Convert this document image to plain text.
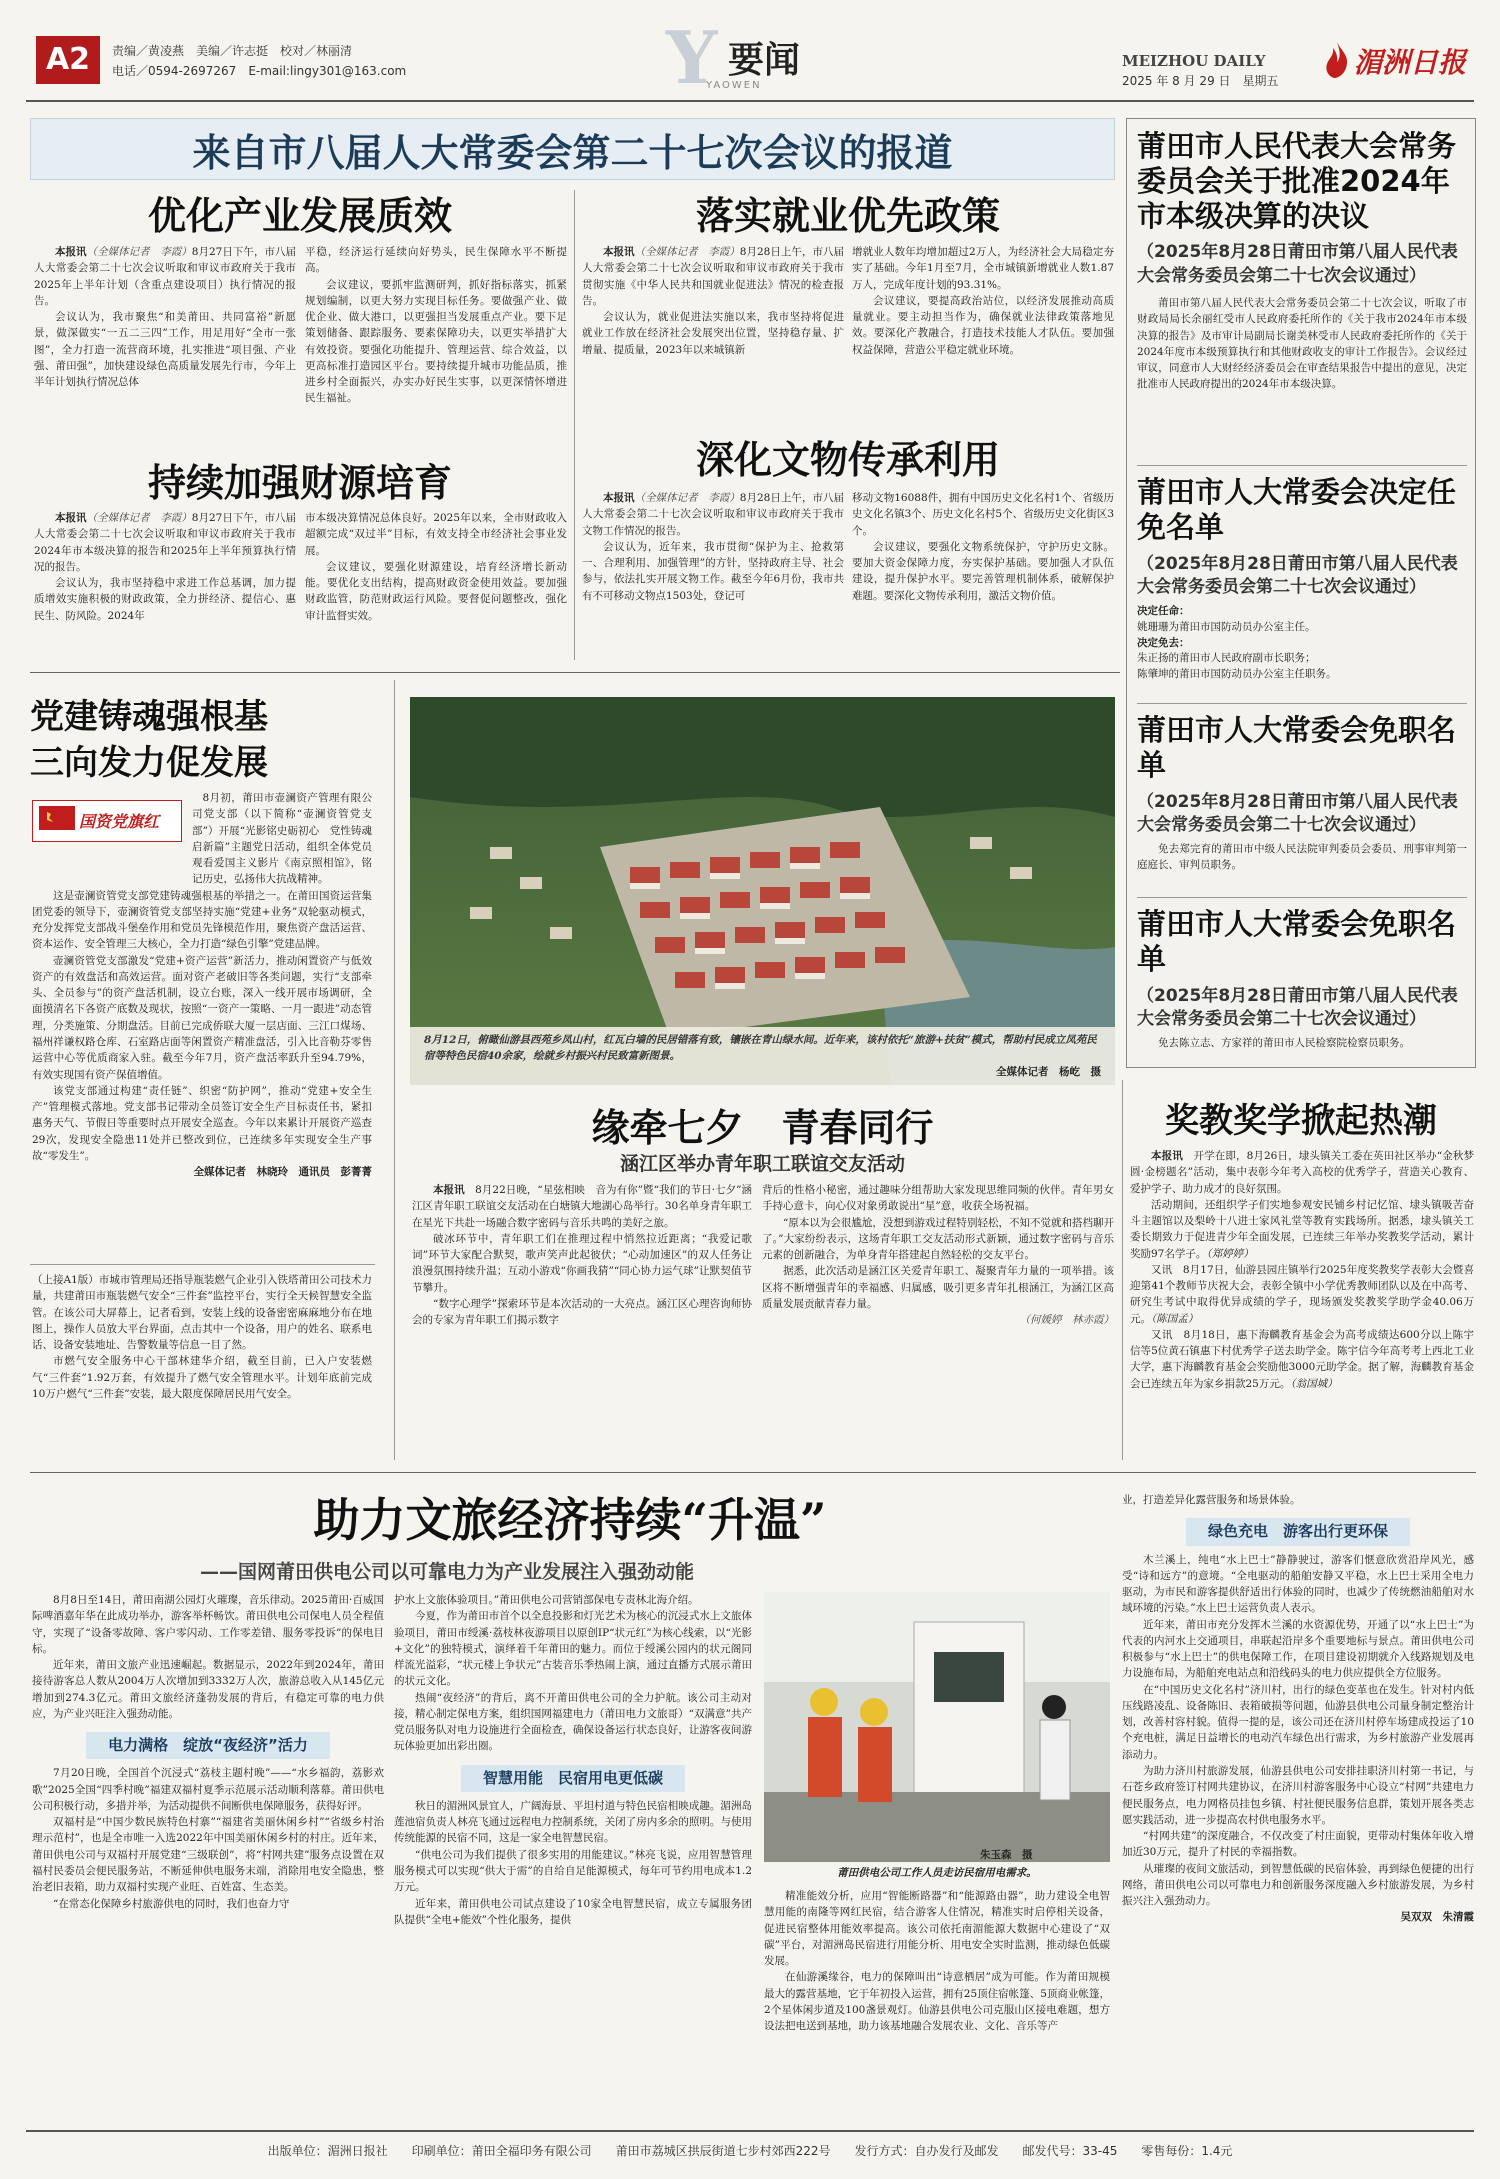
A2	责编／黄凌燕　美编／许志挺　校对／林丽清
电话／0594-2697267　E-mail:lingy301@163.com	Y
YAOWEN
要闻	MEIZHOU DAILY
2025 年 8 月 29 日　星期五
湄洲日报
来自市八届人大常委会第二十七次会议的报道
优化产业发展质效

本报讯（全媒体记者　李霞）8月27日下午，市八届人大常委会第二十七次会议听取和审议市政府关于我市2025年上半年计划（含重点建设项目）执行情况的报告。

会议认为，我市聚焦“和美莆田、共同富裕”新愿景，做深做实“一五二三四”工作，用足用好“全市一张图”，全力打造一流营商环境，扎实推进“项目强、产业强、莆田强”，加快建设绿色高质量发展先行市，今年上半年计划执行情况总体

平稳，经济运行延续向好势头，民生保障水平不断提高。

会议建议，要抓牢监测研判，抓好指标落实，抓紧规划编制，以更大努力实现目标任务。要做强产业、做优企业、做大港口，以更强担当发展重点产业。要下足策划储备、跟踪服务、要素保障功夫，以更实举措扩大有效投资。要强化功能提升、管理运营、综合效益，以更高标准打造园区平台。要持续提升城市功能品质，推进乡村全面振兴，办实办好民生实事，以更深情怀增进民生福祉。

落实就业优先政策

本报讯（全媒体记者　李霞）8月28日上午，市八届人大常委会第二十七次会议听取和审议市政府关于我市贯彻实施《中华人民共和国就业促进法》情况的检查报告。

会议认为，就业促进法实施以来，我市坚持将促进就业工作放在经济社会发展突出位置，坚持稳存量、扩增量、提质量，2023年以来城镇新

增就业人数年均增加超过2万人，为经济社会大局稳定夯实了基础。今年1月至7月，全市城镇新增就业人数1.87万人，完成年度计划的93.31%。

会议建议，要提高政治站位，以经济发展推动高质量就业。要主动担当作为，确保就业法律政策落地见效。要深化产教融合，打造技术技能人才队伍。要加强权益保障，营造公平稳定就业环境。

持续加强财源培育

本报讯（全媒体记者　李霞）8月27日下午，市八届人大常委会第二十七次会议听取和审议市政府关于我市2024年市本级决算的报告和2025年上半年预算执行情况的报告。

会议认为，我市坚持稳中求进工作总基调，加力提质增效实施积极的财政政策，全力拼经济、提信心、惠民生、防风险。2024年

市本级决算情况总体良好。2025年以来，全市财政收入超额完成“双过半”目标，有效支持全市经济社会事业发展。

会议建议，要强化财源建设，培育经济增长新动能。要优化支出结构，提高财政资金使用效益。要加强财政监管，防范财政运行风险。要督促问题整改，强化审计监督实效。

深化文物传承利用

本报讯（全媒体记者　李霞）8月28日上午，市八届人大常委会第二十七次会议听取和审议市政府关于我市文物工作情况的报告。

会议认为，近年来，我市贯彻“保护为主、抢救第一、合理利用、加强管理”的方针，坚持政府主导、社会参与，依法扎实开展文物工作。截至今年6月份，我市共有不可移动文物点1503处，登记可

移动文物16088件，拥有中国历史文化名村1个、省级历史文化名镇3个、历史文化名村5个、省级历史文化街区3个。

会议建议，要强化文物系统保护，守护历史文脉。要加大资金保障力度，夯实保护基础。要加强人才队伍建设，提升保护水平。要完善管理机制体系，破解保护难题。要深化文物传承利用，激活文物价值。

莆田市人民代表大会常务委员会关于批准2024年市本级决算的决议
（2025年8月28日莆田市第八届人民代表大会常务委员会第二十七次会议通过）

莆田市第八届人民代表大会常务委员会第二十七次会议，听取了市财政局局长余丽红受市人民政府委托所作的《关于我市2024年市本级决算的报告》及市审计局副局长谢美林受市人民政府委托所作的《关于2024年度市本级预算执行和其他财政收支的审计工作报告》。会议经过审议，同意市人大财经经济委员会在审查结果报告中提出的意见，决定批准市人民政府提出的2024年市本级决算。

莆田市人大常委会决定任免名单
（2025年8月28日莆田市第八届人民代表大会常务委员会第二十七次会议通过）
决定任命：
姚珊珊为莆田市国防动员办公室主任。
决定免去：
朱正扬的莆田市人民政府副市长职务；
陈肇坤的莆田市国防动员办公室主任职务。
莆田市人大常委会免职名单
（2025年8月28日莆田市第八届人民代表大会常务委员会第二十七次会议通过）

免去郑完育的莆田市中级人民法院审判委员会委员、刑事审判第一庭庭长、审判员职务。

莆田市人大常委会免职名单
（2025年8月28日莆田市第八届人民代表大会常务委员会第二十七次会议通过）

免去陈立志、方家祥的莆田市人民检察院检察员职务。

党建铸魂强根基
三向发力促发展
国资党旗红

8月初，莆田市壶澜资产管理有限公司党支部（以下简称“壶澜资管党支部”）开展“光影铭史砺初心　党性铸魂启新篇”主题党日活动，组织全体党员观看爱国主义影片《南京照相馆》，铭记历史，弘扬伟大抗战精神。

这是壶澜资管党支部党建铸魂强根基的举措之一。在莆田国资运营集团党委的领导下，壶澜资管党支部坚持实施“党建+业务”双轮驱动模式，充分发挥党支部战斗堡垒作用和党员先锋模范作用，聚焦资产盘活运营、资本运作、安全管理三大核心，全力打造“绿色引擎”党建品牌。

壶澜资管党支部激发“党建+资产运营”新活力，推动闲置资产与低效资产的有效盘活和高效运营。面对资产老破旧等各类问题，实行“支部牵头、全员参与”的资产盘活机制，设立台账，深入一线开展市场调研，全面摸清名下各资产底数及现状，按照“一资产一策略、一月一跟进”动态管理，分类施策、分期盘活。目前已完成侨联大厦一层店面、三江口煤场、福州祥谦权路仓库、石室路店面等闲置资产精准盘活，引入比音勒芬零售运营中心等优质商家入驻。截至今年7月，资产盘活率跃升至94.79%，有效实现国有资产保值增值。

该党支部通过构建“责任链”、织密“防护网”，推动“党建+安全生产”管理模式落地。党支部书记带动全员签订安全生产目标责任书，紧扣惠务天气、节假日等重要时点开展安全巡查。今年以来累计开展资产巡查29次，发现安全隐患11处并已整改到位，已连续多年实现安全生产事故“零发生”。

全媒体记者　林晓玲　通讯员　彭菁菁

（上接A1版）市城市管理局还指导瓶装燃气企业引入铁塔莆田公司技术力量，共建莆田市瓶装燃气安全“三件套”监控平台，实行全天候智慧安全监管。在该公司大屏幕上，记者看到，安装上线的设备密密麻麻地分布在地图上，操作人员放大平台界面，点击其中一个设备，用户的姓名、联系电话、设备安装地址、告警数量等信息一目了然。

市燃气安全服务中心干部林建华介绍，截至目前，已入户安装燃气“三件套”1.92万套，有效提升了燃气安全管理水平。计划年底前完成10万户燃气“三件套”安装，最大限度保障居民用气安全。

8月12日，俯瞰仙游县西苑乡凤山村，红瓦白墙的民居错落有致，镶嵌在青山绿水间。近年来，该村依托“旅游+扶贫”模式，帮助村民成立凤苑民宿等特色民宿40余家，绘就乡村振兴村民致富新图景。
全媒体记者　杨屹　摄
缘牵七夕　青春同行
涵江区举办青年职工联谊交友活动

本报讯　 8月22日晚，“星弦相映　音为有你”暨“我们的节日·七夕”涵江区青年职工联谊交友活动在白塘镇大地湖心岛举行。30名单身青年职工在星光下共赴一场融合数字密码与音乐共鸣的美好之旅。

破冰环节中，青年职工们在推理过程中悄然拉近距离；“我爱记歌词”环节大家配合默契，歌声笑声此起彼伏；“心动加速区”的双人任务让浪漫氛围持续升温；互动小游戏“你画我猜”“同心协力运气球”让默契值节节攀升。

“数字心理学”探索环节是本次活动的一大亮点。涵江区心理咨询师协会的专家为青年职工们揭示数字

背后的性格小秘密，通过趣味分组帮助大家发现思维同频的伙伴。青年男女手持心意卡，向心仪对象勇敢说出“星”意，收获全场祝福。

“原本以为会很尴尬，没想到游戏过程特别轻松，不知不觉就和搭档聊开了。”大家纷纷表示，这场青年职工交友活动形式新颖，通过数字密码与音乐元素的创新融合，为单身青年搭建起自然轻松的交友平台。

据悉，此次活动是涵江区关爱青年职工、凝聚青年力量的一项举措。该区将不断增强青年的幸福感、归属感，吸引更多青年扎根涵江，为涵江区高质量发展贡献青春力量。

（何媛婷　林赤霞）
奖教奖学掀起热潮

本报讯　 开学在即，8月26日，埭头镇关工委在英田社区举办“金秋梦圆·金榜题名”活动，集中表彰今年考入高校的优秀学子，营造关心教育、爱护学子、助力成才的良好氛围。

活动期间，还组织学子们实地参观安民铺乡村记忆馆、埭头镇吸苦奋斗主题馆以及梨岭十八进士家风礼堂等教育实践场所。据悉，埭头镇关工委长期致力于促进青少年全面发展，已连续三年举办奖教奖学活动，累计奖励97名学子。（郑婷婷）

又讯　8月17日，仙游县园庄镇举行2025年度奖教奖学表彰大会暨喜迎第41个教师节庆祝大会，表彰全镇中小学优秀教师团队以及在中高考、研究生考试中取得优异成绩的学子，现场颁发奖教奖学助学金40.06万元。（陈国孟）

又讯　8月18日，惠下海麟教育基金会为高考成绩达600分以上陈宇信等5位黄石镇惠下村优秀学子送去助学金。陈宇信今年高考考上西北工业大学，惠下海麟教育基金会奖励他3000元助学金。据了解，海麟教育基金会已连续五年为家乡捐款25万元。（翁国城）

助力文旅经济持续“升温”
——国网莆田供电公司以可靠电力为产业发展注入强劲动能

8月8日至14日，莆田南湖公园灯火璀璨，音乐律动。2025莆田·百威国际啤酒嘉年华在此成功举办，游客举杯畅饮。莆田供电公司保电人员全程值守，实现了“设备零故障、客户零闪动、工作零差错、服务零投诉”的保电目标。

近年来，莆田文旅产业迅速崛起。数据显示，2022年到2024年，莆田接待游客总人数从2004万人次增加到3332万人次，旅游总收入从145亿元增加到274.3亿元。莆田文旅经济蓬勃发展的背后，有稳定可靠的电力供应，为产业兴旺注入强劲动能。

电力满格　绽放“夜经济”活力

7月20日晚，全国首个沉浸式“荔枝主题村晚”——“水乡福韵，荔影欢歌”2025全国“四季村晚”福建双福村夏季示范展示活动顺利落幕。莆田供电公司积极行动，多措并举，为活动提供不间断供电保障服务，获得好评。

双福村是“中国少数民族特色村寨”“福建省美丽休闲乡村”“省级乡村治理示范村”，也是全市唯一入选2022年中国美丽休闲乡村的村庄。近年来，莆田供电公司与双福村开展党建“三级联创”，将“村网共建”服务点设置在双福村民委员会便民服务站，不断延伸供电服务末端，消除用电安全隐患，整治老旧表箱，助力双福村实现产业旺、百姓富、生态美。

“在常态化保障乡村旅游供电的同时，我们也奋力守

护水上文旅体验项目。”莆田供电公司营销部保电专责林北海介绍。

今夏，作为莆田市首个以全息投影和灯光艺术为核心的沉浸式水上文旅体验项目，莆田市绶溪·荔枝林夜游项目以原创IP“状元红”为核心线索，以“光影+文化”的独特模式，演绎着千年莆田的魅力。而位于绶溪公园内的状元阁同样流光溢彩，“状元楼上争状元”古装音乐季热闹上演，通过直播方式展示莆田的状元文化。

热闹“夜经济”的背后，离不开莆田供电公司的全力护航。该公司主动对接，精心制定保电方案，组织国网福建电力（莆田电力文旅哥）“双满意”共产党员服务队对电力设施进行全面检查，确保设备运行状态良好，让游客夜间游玩体验更加出彩出圈。

智慧用能　民宿用电更低碳

秋日的湄洲风景宜人，广阔海景、平坦村道与特色民宿相映成趣。湄洲岛莲池宿负责人林亮飞通过远程电力控制系统，关闭了房内多余的照明。与使用传统能源的民宿不同，这是一家全电智慧民宿。

“供电公司为我们提供了很多实用的用能建议。”林亮飞说，应用智慧管理服务模式可以实现“供大于需”的自给自足能源模式，每年可节约用电成本1.2万元。

近年来，莆田供电公司试点建设了10家全电智慧民宿，成立专属服务团队提供“全电+能效”个性化服务，提供

莆田供电公司工作人员走访民宿用电需求。
朱玉森　摄

精准能效分析，应用“智能断路器”和“能源路由器”，助力建设全电智慧用能的南隆等网红民宿，结合游客人住情况，精准实时启停相关设备，促进民宿整体用能效率提高。该公司依托南湄能源大数据中心建设了“双碳”平台，对湄洲岛民宿进行用能分析、用电安全实时监测，推动绿色低碳发展。

在仙游溪缘谷，电力的保障叫出“诗意栖居”成为可能。作为莆田规模最大的露营基地，它于年初投入运营，拥有25顶住宿帐篷、5顶商业帐篷，2个星体闲步道及100盏景观灯。仙游县供电公司克服山区接电难题，想方设法把电送到基地，助力该基地融合发展农业、文化、音乐等产

业，打造差异化露营服务和场景体验。

绿色充电　游客出行更环保

木兰溪上，纯电“水上巴士”静静驶过，游客们惬意欣赏沿岸风光，感受“诗和远方”的意境。“全电驱动的船舶安静又平稳，水上巴士采用全电力驱动，为市民和游客提供舒适出行体验的同时，也减少了传统燃油船舶对水域环境的污染。”水上巴士运营负责人表示。

近年来，莆田市充分发挥木兰溪的水资源优势，开通了以“水上巴士”为代表的内河水上交通项目，串联起沿岸多个重要地标与景点。莆田供电公司积极参与“水上巴士”的供电保障工作，在项目建设初期就介入线路规划及电力设施布局，为船舶充电站点和沿线码头的电力供应提供全方位服务。

在“中国历史文化名村”济川村，出行的绿色变革也在发生。针对村内低压线路凌乱、设备陈旧、表箱破损等问题，仙游县供电公司量身制定整治计划，改善村容村貌。值得一提的是，该公司还在济川村停车场建成投运了10个充电桩，满足日益增长的电动汽车绿色出行需求，为乡村旅游产业发展再添动力。

为助力济川村旅游发展，仙游县供电公司安排挂职济川村第一书记，与石苍乡政府签订村网共建协议，在济川村游客服务中心设立“村网”共建电力便民服务点，电力网格员挂包乡镇、村社便民服务信息群，策划开展各类志愿实践活动，进一步提高农村供电服务水平。

“村网共建”的深度融合，不仅改变了村庄面貌，更带动村集体年收入增加近30万元，提升了村民的幸福指数。

从璀璨的夜间文旅活动，到智慧低碳的民宿体验，再到绿色便捷的出行网络，莆田供电公司以可靠电力和创新服务深度融入乡村旅游发展，为乡村振兴注入强劲动力。

吴双双　朱清霞
出版单位：湄洲日报社　　印刷单位：莆田全福印务有限公司　　莆田市荔城区拱辰街道七步村郊西222号　　发行方式：自办发行及邮发　　邮发代号：33-45　　零售每份：1.4元
